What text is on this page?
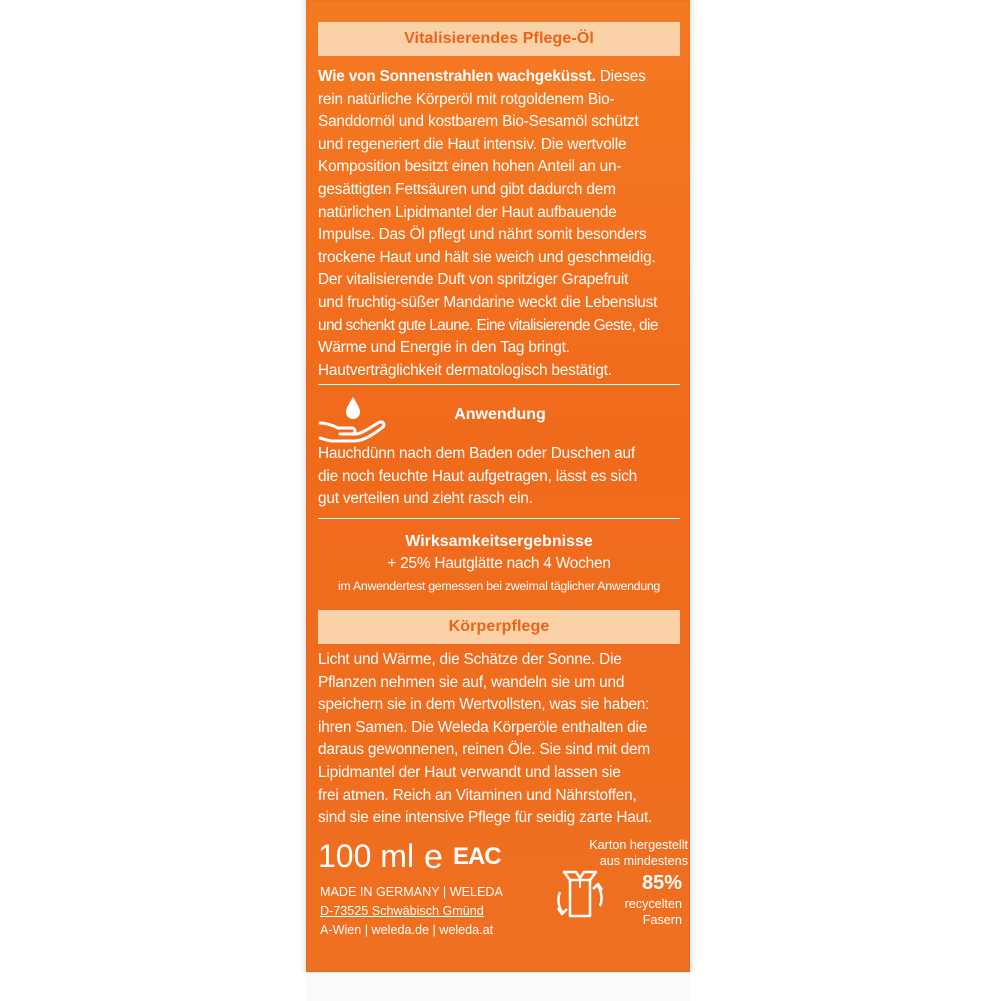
Vitalisierendes Pflege-Öl
Wie von Sonnenstrahlen wachgeküsst. Dieses
rein natürliche Körperöl mit rotgoldenem Bio-
Sanddornöl und kostbarem Bio-Sesamöl schützt
und regeneriert die Haut intensiv. Die wertvolle
Komposition besitzt einen hohen Anteil an un-
gesättigten Fettsäuren und gibt dadurch dem
natürlichen Lipidmantel der Haut aufbauende
Impulse. Das Öl pflegt und nährt somit besonders
trockene Haut und hält sie weich und geschmeidig.
Der vitalisierende Duft von spritziger Grapefruit
und fruchtig-süßer Mandarine weckt die Lebenslust
und schenkt gute Laune. Eine vitalisierende Geste, die
Wärme und Energie in den Tag bringt.
Hautverträglichkeit dermatologisch bestätigt.
Anwendung
Hauchdünn nach dem Baden oder Duschen auf
die noch feuchte Haut aufgetragen, lässt es sich
gut verteilen und zieht rasch ein.
Wirksamkeitsergebnisse
+ 25% Hautglätte nach 4 Wochen
im Anwendertest gemessen bei zweimal täglicher Anwendung
Körperpflege
Licht und Wärme, die Schätze der Sonne. Die
Pflanzen nehmen sie auf, wandeln sie um und
speichern sie in dem Wertvollsten, was sie haben:
ihren Samen. Die Weleda Körperöle enthalten die
daraus gewonnenen, reinen Öle. Sie sind mit dem
Lipidmantel der Haut verwandt und lassen sie
frei atmen. Reich an Vitaminen und Nährstoffen,
sind sie eine intensive Pflege für seidig zarte Haut.
100 ml e EAC
MADE IN GERMANY | WELEDA
D-73525 Schwäbisch Gmünd
A-Wien | weleda.de | weleda.at
Karton hergestellt
aus mindestens
85%
recycelten
Fasern
